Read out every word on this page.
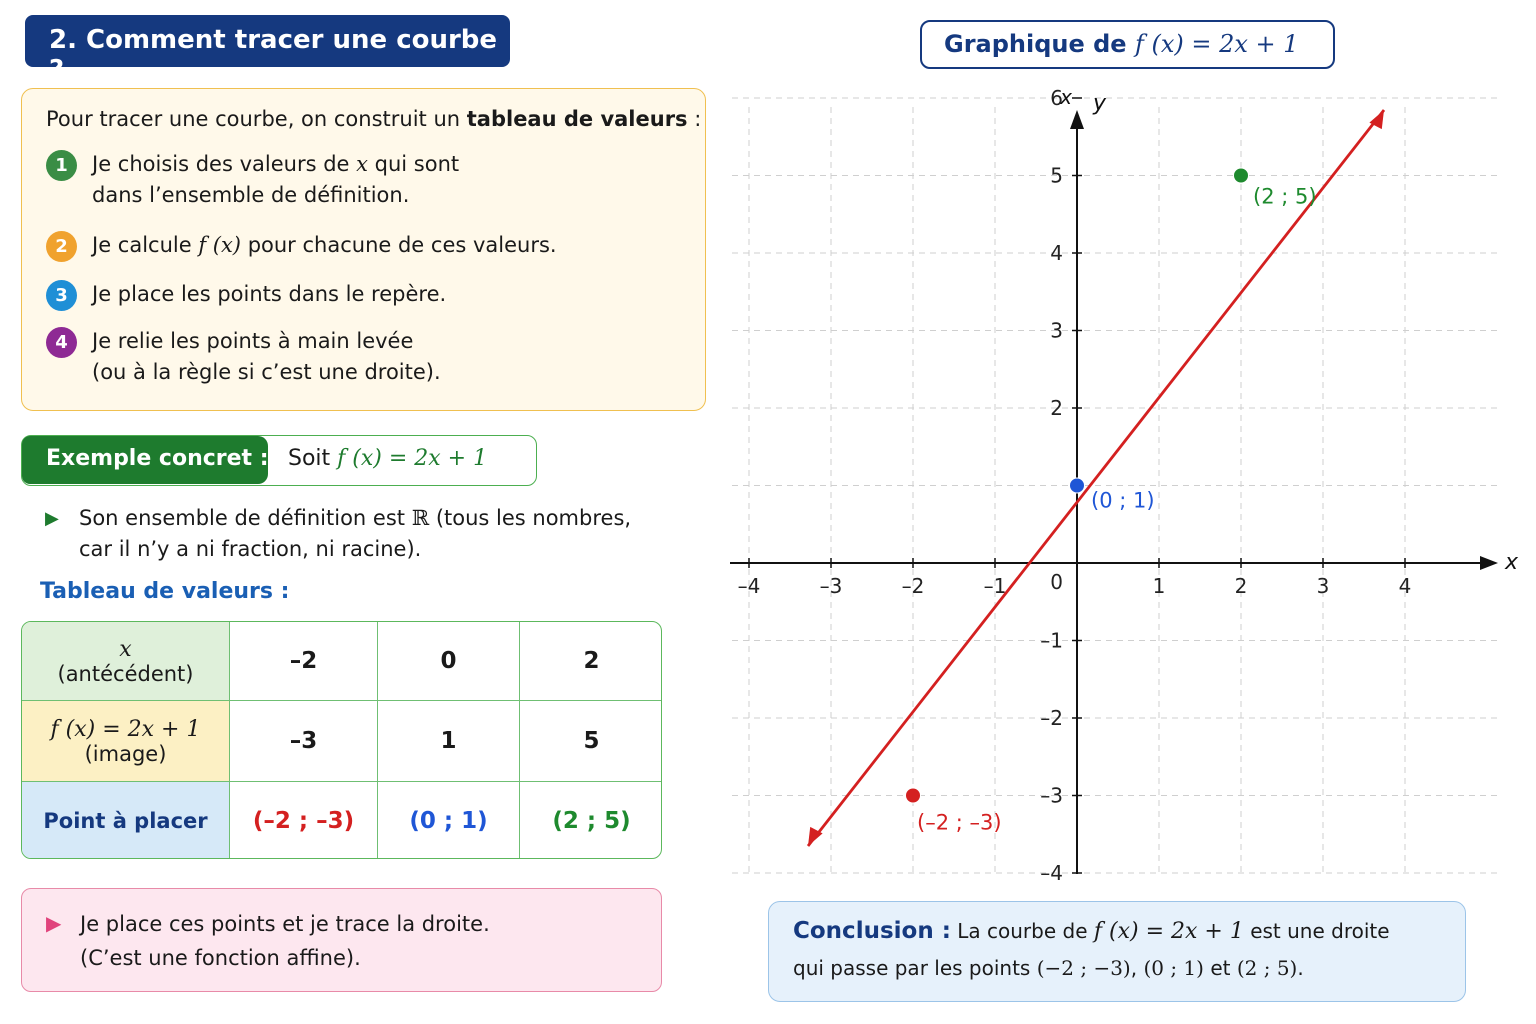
2. Comment tracer une courbe ?
Pour tracer une courbe, on construit un tableau de valeurs :
1	Je choisis des valeurs de x qui sont
dans l’ensemble de définition.
2	Je calcule f (x) pour chacune de ces valeurs.
3	Je place les points dans le repère.
4	Je relie les points à main levée
(ou à la règle si c’est une droite).
Exemple concret : Soit f (x) = 2x + 1
▶ Son ensemble de définition est ℝ (tous les nombres,
car il n’y a ni fraction, ni racine).
Tableau de valeurs :
x
(antécédent)	–2	0	2
f (x) = 2x + 1
(image)	–3	1	5
Point à placer	(–2 ; –3)	(0 ; 1)	(2 ; 5)
▶ Je place ces points et je trace la droite.
(C’est une fonction affine).
Graphique de f (x) = 2x + 1
–4	–3	–2	–1	1	2	3	4
6
5
4
3
2
–1
–2
–3
–4
0
x
x y
(–2 ; –3)
(0 ; 1)
(2 ; 5)
Conclusion : La courbe de f (x) = 2x + 1 est une droite
qui passe par les points (−2 ; −3), (0 ; 1) et (2 ; 5).
